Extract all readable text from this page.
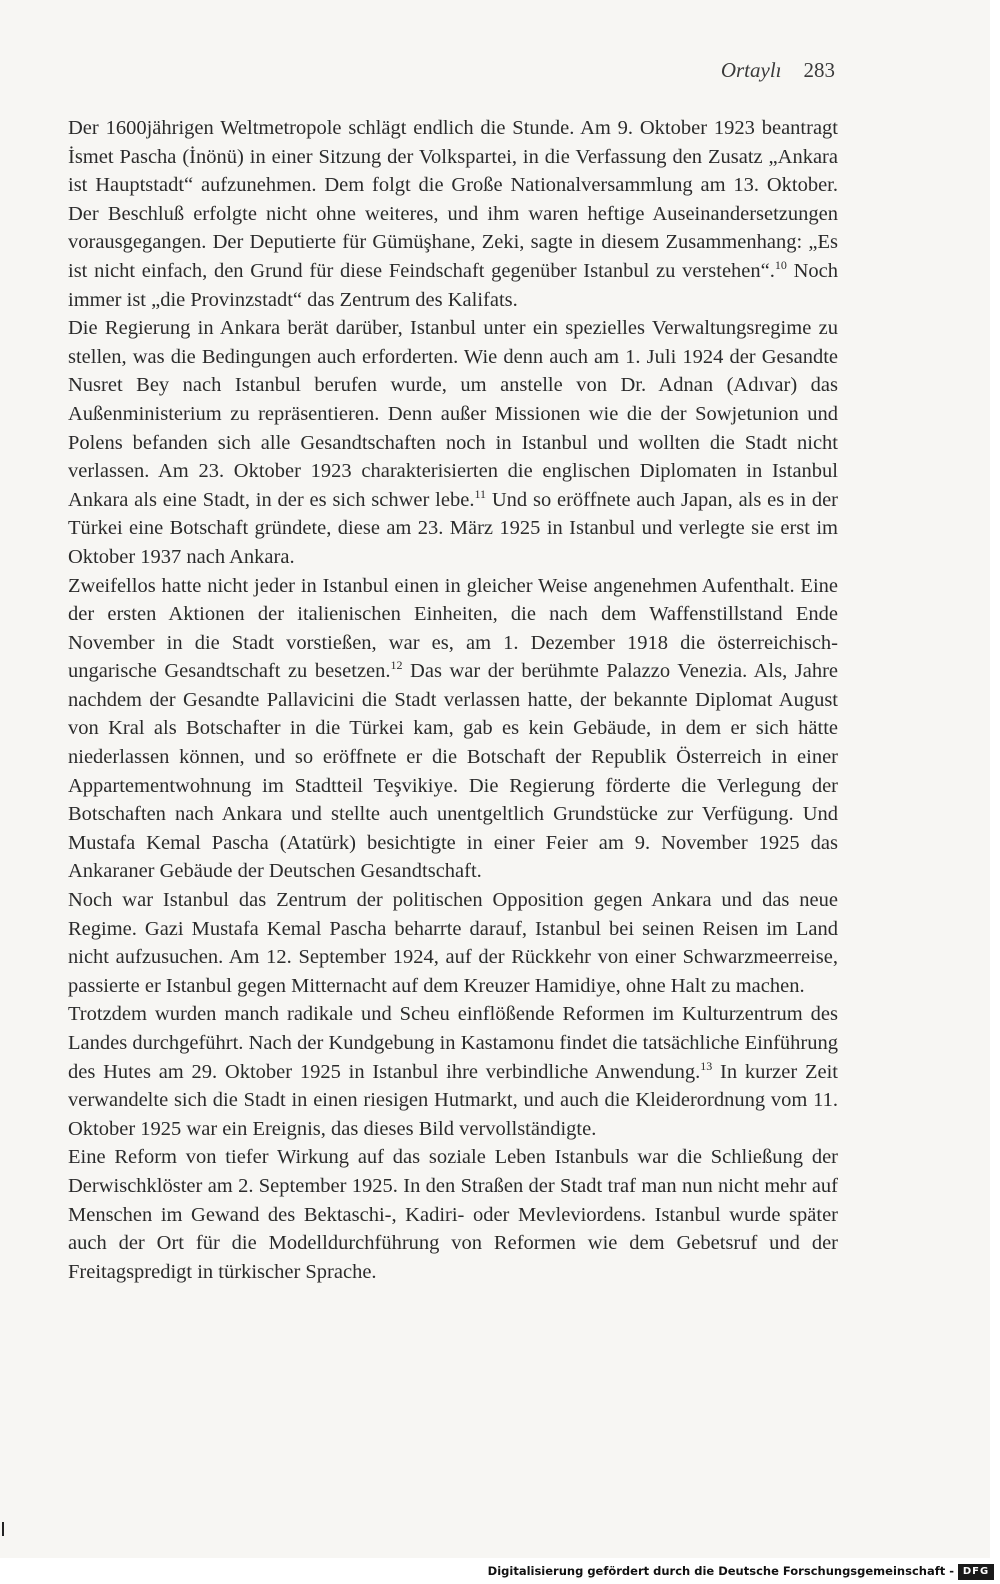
Ortaylı 283

Der 1600jährigen Weltmetropole schlägt endlich die Stunde. Am 9. Oktober 1923 beantragt İsmet Pascha (İnönü) in einer Sitzung der Volkspartei, in die Verfassung den Zusatz „Ankara ist Hauptstadt“ aufzunehmen. Dem folgt die Große Nationalversammlung am 13. Oktober. Der Beschluß erfolgte nicht ohne weiteres, und ihm waren heftige Auseinandersetzungen vorausgegangen. Der Deputierte für Gümüşhane, Zeki, sagte in diesem Zusammenhang: „Es ist nicht einfach, den Grund für diese Feindschaft gegenüber Istanbul zu verstehen“.$^{10}$ Noch immer ist „die Provinzstadt“ das Zentrum des Kalifats.

Die Regierung in Ankara berät darüber, Istanbul unter ein spezielles Verwaltungsregime zu stellen, was die Bedingungen auch erforderten. Wie denn auch am 1. Juli 1924 der Gesandte Nusret Bey nach Istanbul berufen wurde, um anstelle von Dr. Adnan (Adıvar) das Außenministerium zu repräsentieren. Denn außer Missionen wie die der Sowjetunion und Polens befanden sich alle Gesandtschaften noch in Istanbul und wollten die Stadt nicht verlassen. Am 23. Oktober 1923 charakterisierten die englischen Diplomaten in Istanbul Ankara als eine Stadt, in der es sich schwer lebe.$^{11}$ Und so eröffnete auch Japan, als es in der Türkei eine Botschaft gründete, diese am 23. März 1925 in Istanbul und verlegte sie erst im Oktober 1937 nach Ankara.

Zweifellos hatte nicht jeder in Istanbul einen in gleicher Weise angenehmen Aufenthalt. Eine der ersten Aktionen der italienischen Einheiten, die nach dem Waffenstillstand Ende November in die Stadt vorstießen, war es, am 1. Dezember 1918 die österreichisch-ungarische Gesandtschaft zu besetzen.$^{12}$ Das war der berühmte Palazzo Venezia. Als, Jahre nachdem der Gesandte Pallavicini die Stadt verlassen hatte, der bekannte Diplomat August von Kral als Botschafter in die Türkei kam, gab es kein Gebäude, in dem er sich hätte niederlassen können, und so eröffnete er die Botschaft der Republik Österreich in einer Appartementwohnung im Stadtteil Teşvikiye. Die Regierung förderte die Verlegung der Botschaften nach Ankara und stellte auch unentgeltlich Grundstücke zur Verfügung. Und Mustafa Kemal Pascha (Atatürk) besichtigte in einer Feier am 9. November 1925 das Ankaraner Gebäude der Deutschen Gesandtschaft.

Noch war Istanbul das Zentrum der politischen Opposition gegen Ankara und das neue Regime. Gazi Mustafa Kemal Pascha beharrte darauf, Istanbul bei seinen Reisen im Land nicht aufzusuchen. Am 12. September 1924, auf der Rückkehr von einer Schwarzmeerreise, passierte er Istanbul gegen Mitternacht auf dem Kreuzer Hamidiye, ohne Halt zu machen.

Trotzdem wurden manch radikale und Scheu einflößende Reformen im Kulturzentrum des Landes durchgeführt. Nach der Kundgebung in Kastamonu findet die tatsächliche Einführung des Hutes am 29. Oktober 1925 in Istanbul ihre verbindliche Anwendung.$^{13}$ In kurzer Zeit verwandelte sich die Stadt in einen riesigen Hutmarkt, und auch die Kleiderordnung vom 11. Oktober 1925 war ein Ereignis, das dieses Bild vervollständigte.

Eine Reform von tiefer Wirkung auf das soziale Leben Istanbuls war die Schließung der Derwischklöster am 2. September 1925. In den Straßen der Stadt traf man nun nicht mehr auf Menschen im Gewand des Bektaschi-, Kadiri- oder Mevleviordens. Istanbul wurde später auch der Ort für die Modelldurchführung von Reformen wie dem Gebetsruf und der Freitagspredigt in türkischer Sprache.

Digitalisierung gefördert durch die Deutsche Forschungsgemeinschaft - DFG
